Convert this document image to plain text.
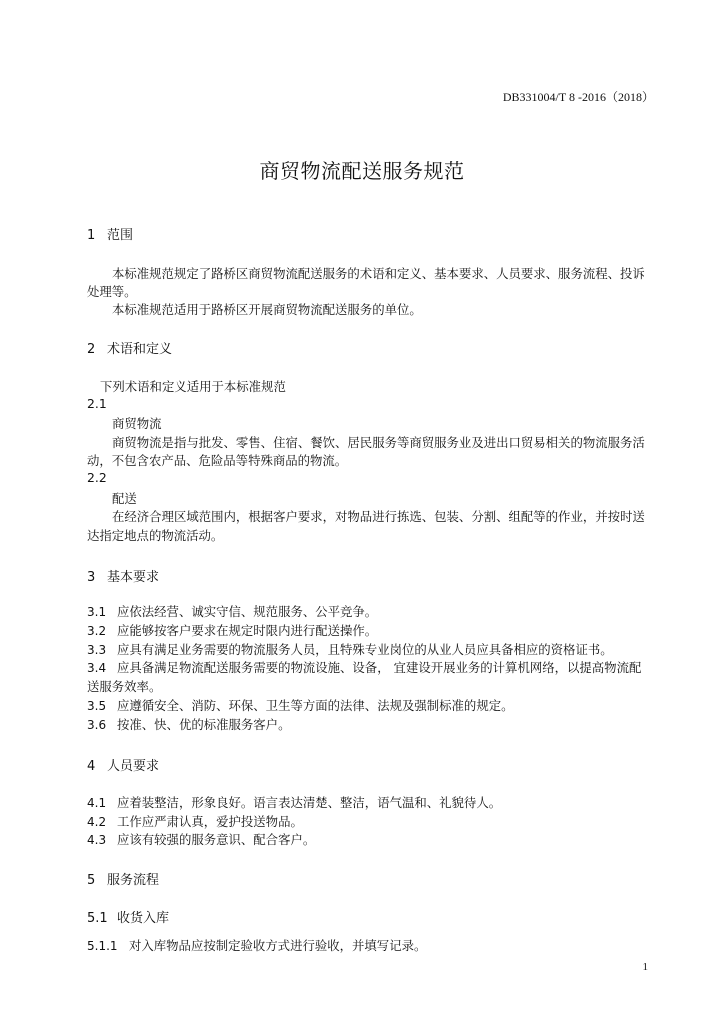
DB331004/T 8 -2016（2018）
商贸物流配送服务规范
1 范围
本标准规范规定了路桥区商贸物流配送服务的术语和定义、基本要求、人员要求、服务流程、投诉
处理等。
本标准规范适用于路桥区开展商贸物流配送服务的单位。
2 术语和定义
下列术语和定义适用于本标准规范
2.1
商贸物流
商贸物流是指与批发、零售、住宿、餐饮、居民服务等商贸服务业及进出口贸易相关的物流服务活
动，不包含农产品、危险品等特殊商品的物流。
2.2
配送
在经济合理区域范围内，根据客户要求，对物品进行拣选、包装、分割、组配等的作业，并按时送
达指定地点的物流活动。
3 基本要求
3.1 应依法经营、诚实守信、规范服务、公平竞争。
3.2 应能够按客户要求在规定时限内进行配送操作。
3.3 应具有满足业务需要的物流服务人员，且特殊专业岗位的从业人员应具备相应的资格证书。
3.4 应具备满足物流配送服务需要的物流设施、设备， 宜建设开展业务的计算机网络，以提高物流配
送服务效率。
3.5 应遵循安全、消防、环保、卫生等方面的法律、法规及强制标准的规定。
3.6 按准、快、优的标准服务客户。
4 人员要求
4.1 应着装整洁，形象良好。语言表达清楚、整洁，语气温和、礼貌待人。
4.2 工作应严肃认真，爱护投送物品。
4.3 应该有较强的服务意识、配合客户。
5 服务流程
5.1 收货入库
5.1.1 对入库物品应按制定验收方式进行验收，并填写记录。
1
